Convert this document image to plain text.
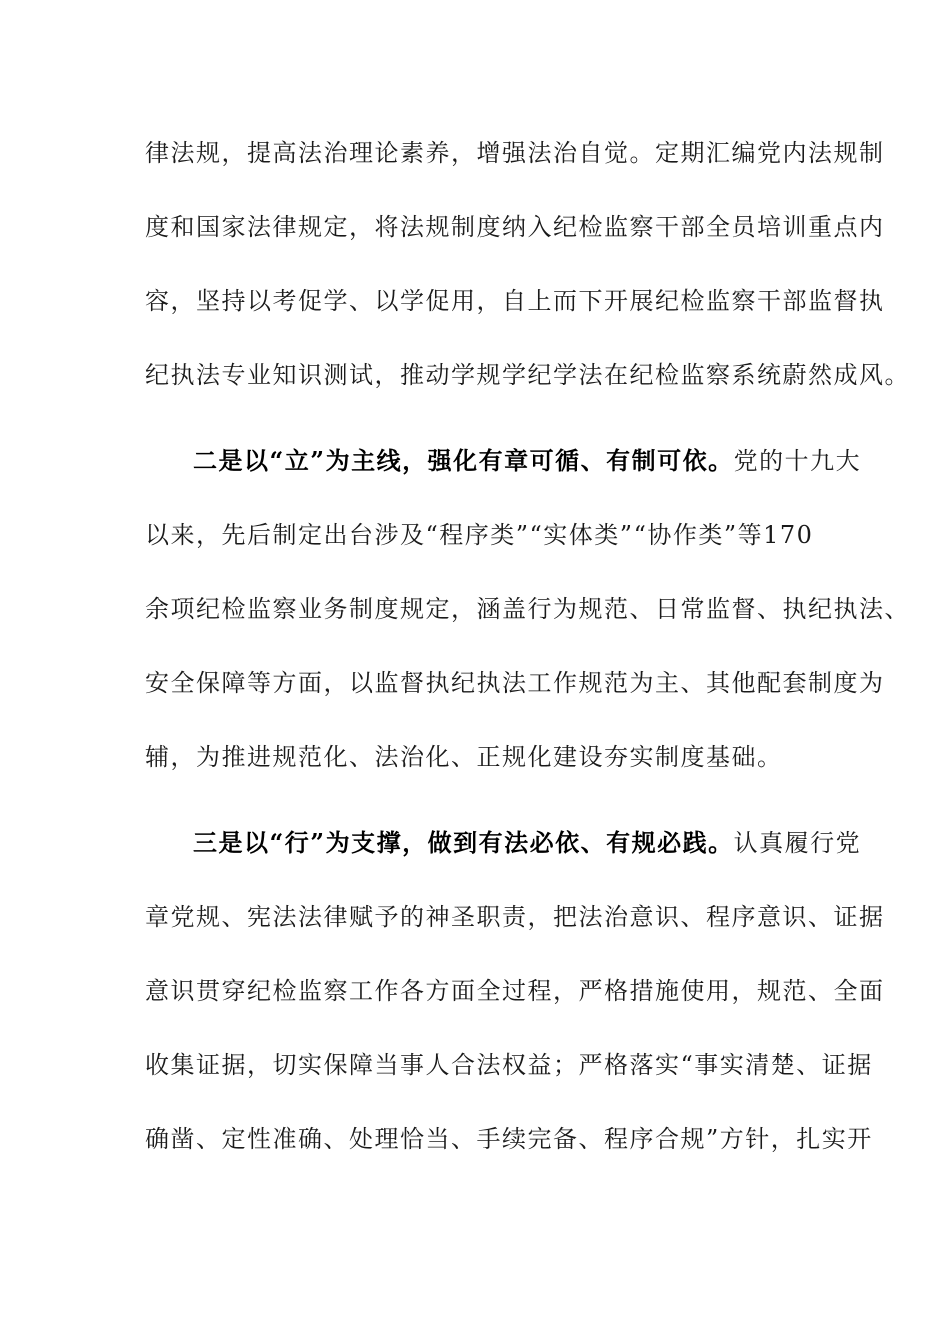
律法规，提高法治理论素养，增强法治自觉。定期汇编党内法规制
度和国家法律规定，将法规制度纳入纪检监察干部全员培训重点内
容，坚持以考促学、以学促用，自上而下开展纪检监察干部监督执
纪执法专业知识测试，推动学规学纪学法在纪检监察系统蔚然成风。
二是以“立”为主线，强化有章可循、有制可依。党的十九大
以来，先后制定出台涉及“程序类”“实体类”“协作类”等170
余项纪检监察业务制度规定，涵盖行为规范、日常监督、执纪执法、
安全保障等方面，以监督执纪执法工作规范为主、其他配套制度为
辅，为推进规范化、法治化、正规化建设夯实制度基础。
三是以“行”为支撑，做到有法必依、有规必践。认真履行党
章党规、宪法法律赋予的神圣职责，把法治意识、程序意识、证据
意识贯穿纪检监察工作各方面全过程，严格措施使用，规范、全面
收集证据，切实保障当事人合法权益；严格落实“事实清楚、证据
确凿、定性准确、处理恰当、手续完备、程序合规”方针，扎实开
